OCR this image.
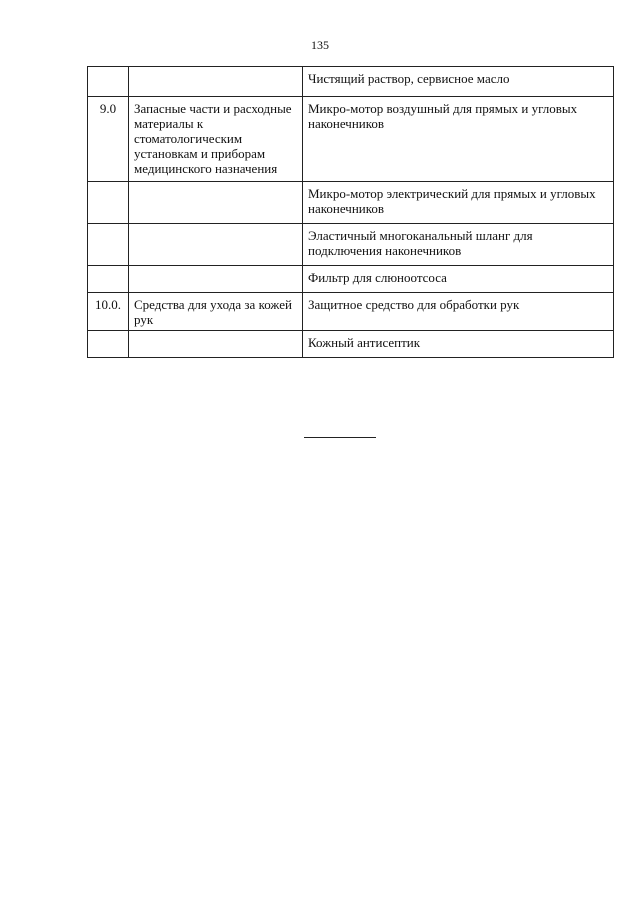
135
		Чистящий раствор, сервисное масло
9.0	Запасные части и расходные материалы к стоматологическим установкам и приборам медицинского назначения	Микро-мотор воздушный для прямых и угловых наконечников
		Микро-мотор электрический для прямых и угловых наконечников
		Эластичный многоканальный шланг для подключения наконечников
		Фильтр для слюноотсоса
10.0.	Средства для ухода за кожей рук	Защитное средство для обработки рук
		Кожный антисептик
